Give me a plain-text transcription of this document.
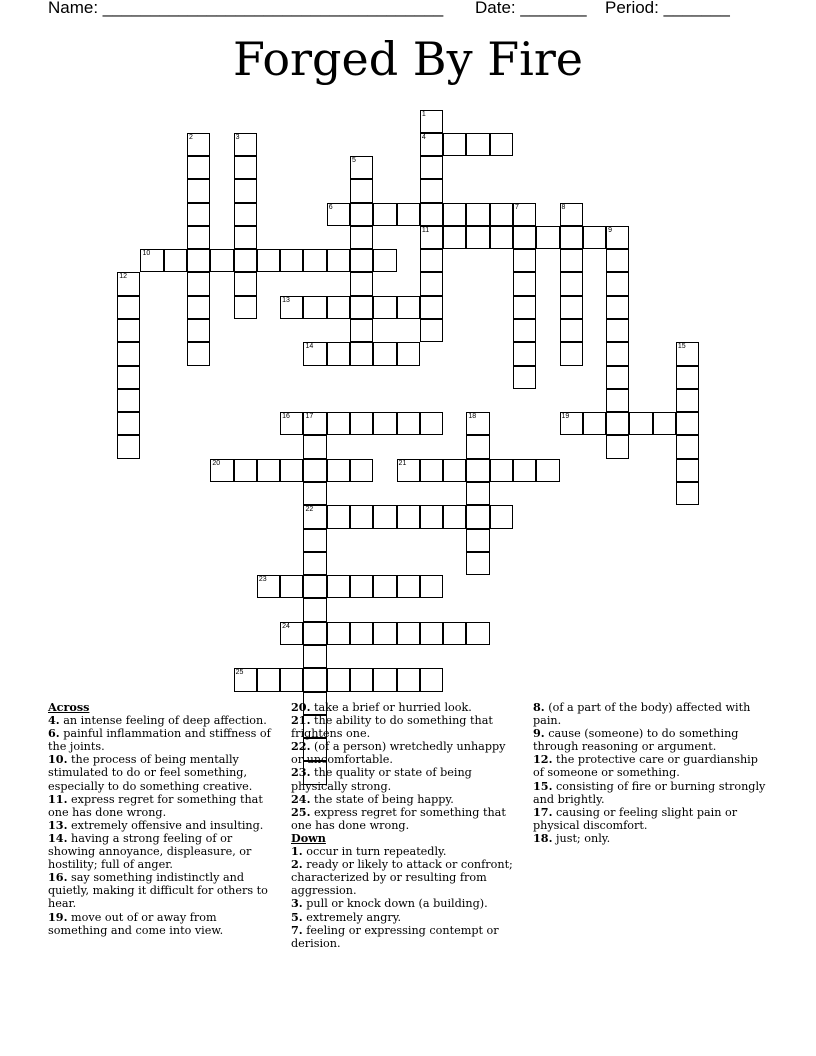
Name: ____________________________________ Date: _______ Period: _______
Forged By Fire
1
4
11
2	3
5
6	7	8
9
10
12
13
14	15
16 17	18	19
20	21
22
23
24
25
Across
4. an intense feeling of deep affection.
6. painful inflammation and stiffness of the joints.
10. the process of being mentally stimulated to do or feel something, especially to do something creative.
11. express regret for something that one has done wrong.
13. extremely offensive and insulting.
14. having a strong feeling of or showing annoyance, displeasure, or hostility; full of anger.
16. say something indistinctly and quietly, making it difficult for others to hear.
19. move out of or away from something and come into view.
20. take a brief or hurried look.
21. the ability to do something that frightens one.
22. (of a person) wretchedly unhappy or uncomfortable.
23. the quality or state of being physically strong.
24. the state of being happy.
25. express regret for something that one has done wrong.
Down
1. occur in turn repeatedly.
2. ready or likely to attack or confront; characterized by or resulting from aggression.
3. pull or knock down (a building).
5. extremely angry.
7. feeling or expressing contempt or derision.
8. (of a part of the body) affected with pain.
9. cause (someone) to do something through reasoning or argument.
12. the protective care or guardianship of someone or something.
15. consisting of fire or burning strongly and brightly.
17. causing or feeling slight pain or physical discomfort.
18. just; only.
